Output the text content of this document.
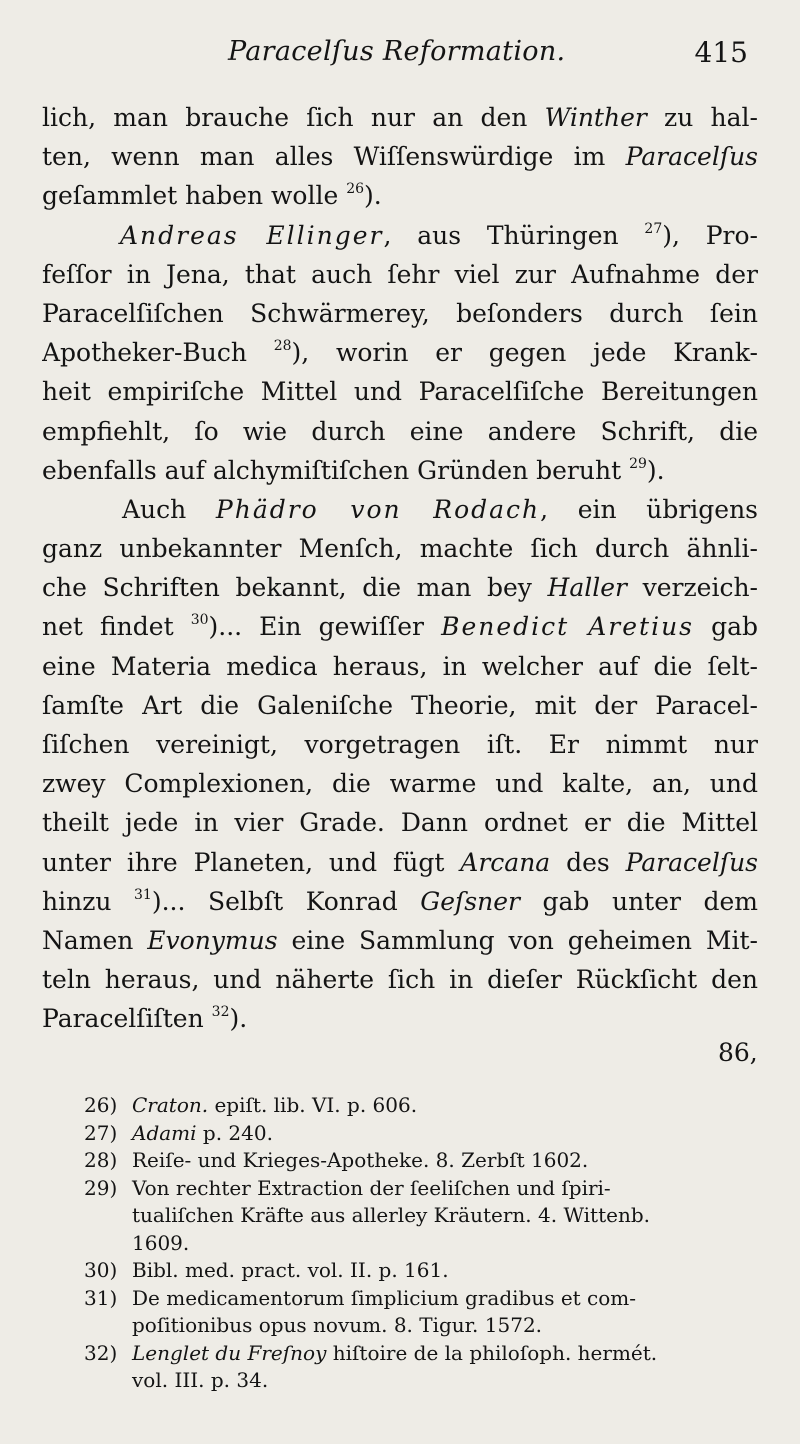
Paracelſus Reformation.	415
lich, man brauche ſich nur an den Winther zu hal-
ten, wenn man alles Wiſſenswürdige im Paracelſus
geſammlet haben wolle $^{26}$).
Andreas Ellinger, aus Thüringen $^{27}$), Pro-
feſſor in Jena, that auch ſehr viel zur Aufnahme der
Paracelſiſchen Schwärmerey, beſonders durch ſein
Apotheker-Buch $^{28}$), worin er gegen jede Krank-
heit empiriſche Mittel und Paracelſiſche Bereitungen
empfiehlt, ſo wie durch eine andere Schrift, die
ebenfalls auf alchymiſtiſchen Gründen beruht $^{29}$).
Auch Phädro von Rodach, ein übrigens
ganz unbekannter Menſch, machte ſich durch ähnli-
che Schriften bekannt, die man bey Haller verzeich-
net findet $^{30}$)... Ein gewiſſer Benedict Aretius gab
eine Materia medica heraus, in welcher auf die ſelt-
ſamſte Art die Galeniſche Theorie, mit der Paracel-
ſiſchen vereinigt, vorgetragen iſt. Er nimmt nur
zwey Complexionen, die warme und kalte, an, und
theilt jede in vier Grade. Dann ordnet er die Mittel
unter ihre Planeten, und fügt Arcana des Paracelſus
hinzu $^{31}$)... Selbſt Konrad Geſsner gab unter dem
Namen Evonymus eine Sammlung von geheimen Mit-
teln heraus, und näherte ſich in dieſer Rückſicht den
Paracelſiſten $^{32}$).
86,
26) Craton. epiſt. lib. VI. p. 606.
27) Adami p. 240.
28) Reiſe- und Krieges-Apotheke. 8. Zerbſt 1602.
29) Von rechter Extraction der ſeeliſchen und ſpiri-
tualiſchen Kräfte aus allerley Kräutern. 4. Wittenb.
1609.
30) Bibl. med. pract. vol. II. p. 161.
31) De medicamentorum ſimplicium gradibus et com-
poſitionibus opus novum. 8. Tigur. 1572.
32) Lenglet du Freſnoy hiſtoire de la philoſoph. hermét.
vol. III. p. 34.
